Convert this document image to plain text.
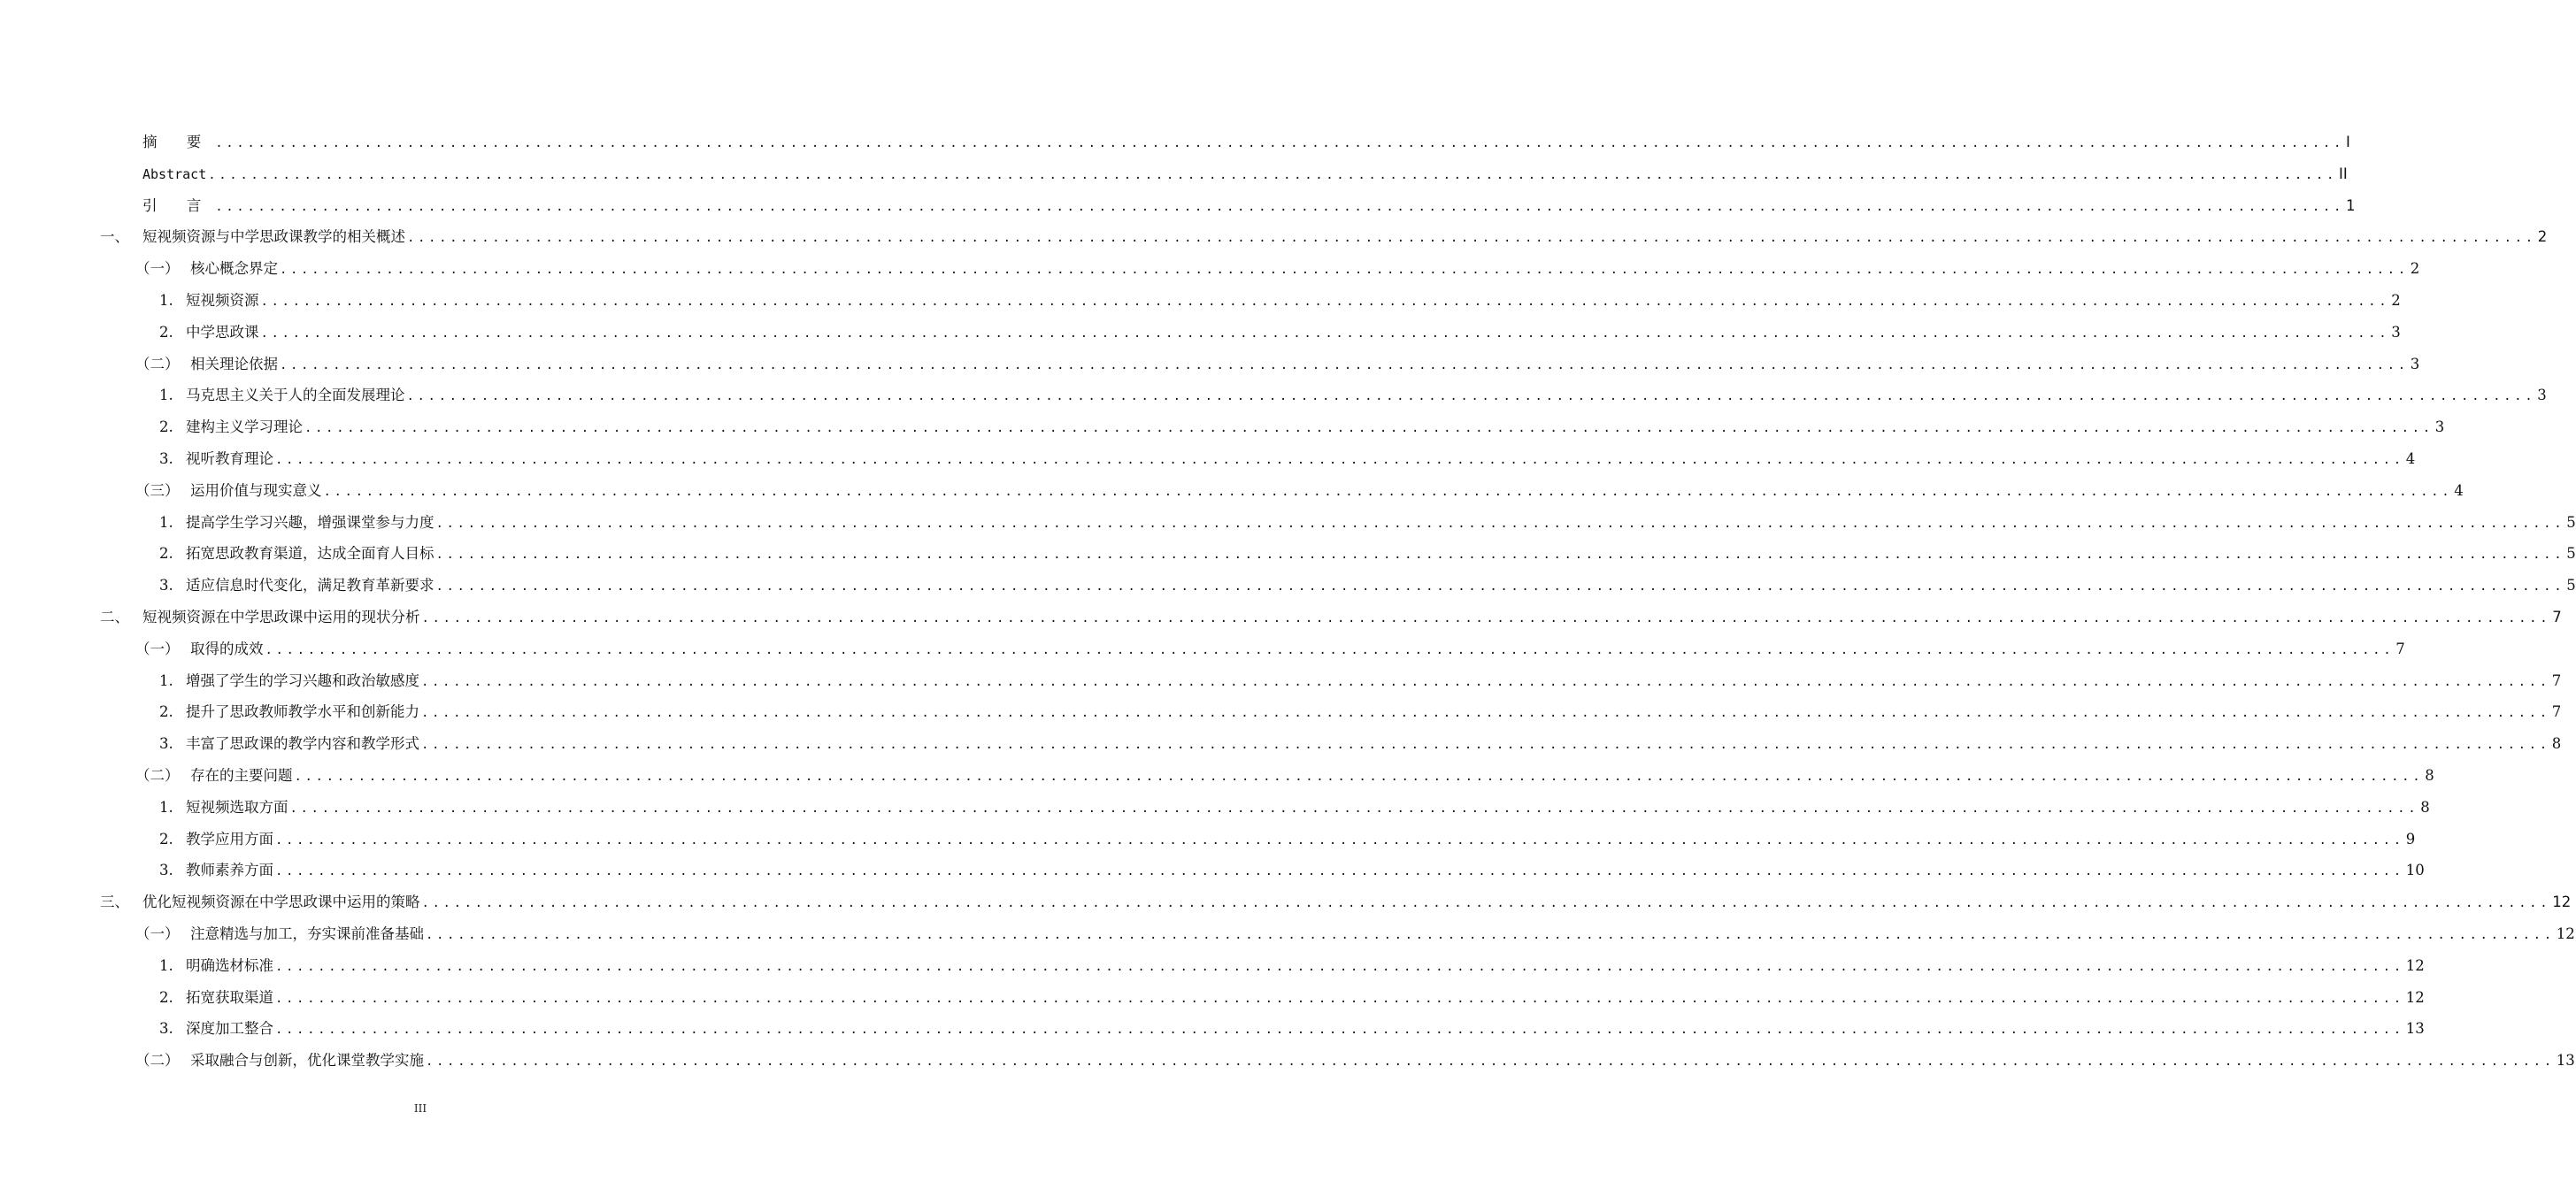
摘 要 ........................................................................................................................................................................................................ I
Abstract ........................................................................................................................................................................................................ II
引 言 ........................................................................................................................................................................................................ 1
一、 短视频资源与中学思政课教学的相关概述 ........................................................................................................................................................................................................ 2
（一） 核心概念界定 ........................................................................................................................................................................................................ 2
1. 短视频资源 ........................................................................................................................................................................................................ 2
2. 中学思政课 ........................................................................................................................................................................................................ 3
（二） 相关理论依据 ........................................................................................................................................................................................................ 3
1. 马克思主义关于人的全面发展理论 ........................................................................................................................................................................................................ 3
2. 建构主义学习理论 ........................................................................................................................................................................................................ 3
3. 视听教育理论 ........................................................................................................................................................................................................ 4
（三） 运用价值与现实意义 ........................................................................................................................................................................................................ 4
1. 提高学生学习兴趣，增强课堂参与力度 ........................................................................................................................................................................................................ 5
2. 拓宽思政教育渠道，达成全面育人目标 ........................................................................................................................................................................................................ 5
3. 适应信息时代变化，满足教育革新要求 ........................................................................................................................................................................................................ 5
二、 短视频资源在中学思政课中运用的现状分析 ........................................................................................................................................................................................................ 7
（一） 取得的成效 ........................................................................................................................................................................................................ 7
1. 增强了学生的学习兴趣和政治敏感度 ........................................................................................................................................................................................................ 7
2. 提升了思政教师教学水平和创新能力 ........................................................................................................................................................................................................ 7
3. 丰富了思政课的教学内容和教学形式 ........................................................................................................................................................................................................ 8
（二） 存在的主要问题 ........................................................................................................................................................................................................ 8
1. 短视频选取方面 ........................................................................................................................................................................................................ 8
2. 教学应用方面 ........................................................................................................................................................................................................ 9
3. 教师素养方面 ........................................................................................................................................................................................................ 10
三、 优化短视频资源在中学思政课中运用的策略 ........................................................................................................................................................................................................ 12
（一） 注意精选与加工，夯实课前准备基础 ........................................................................................................................................................................................................ 12
1. 明确选材标准 ........................................................................................................................................................................................................ 12
2. 拓宽获取渠道 ........................................................................................................................................................................................................ 12
3. 深度加工整合 ........................................................................................................................................................................................................ 13
（二） 采取融合与创新，优化课堂教学实施 ........................................................................................................................................................................................................ 13
III
